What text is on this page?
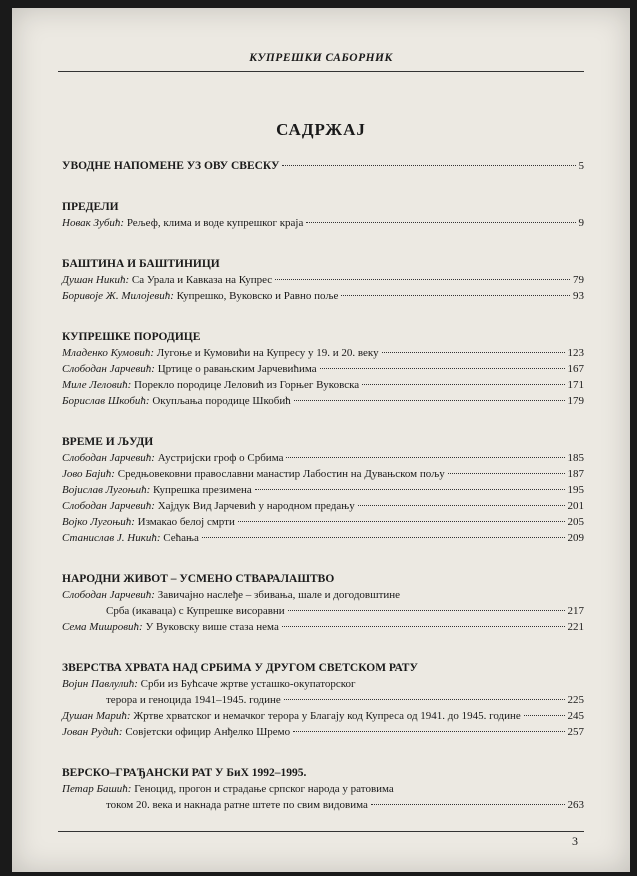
КУПРЕШКИ САБОРНИК
САДРЖАЈ
УВОДНЕ НАПОМЕНЕ УЗ ОВУ СВЕСКУ	5
ПРЕДЕЛИ
Новак Зубић: Рељеф, клима и воде купрешког краја	9
БАШТИНА И БАШТИНИЦИ
Душан Никић: Са Урала и Кавказа на Купрес	79
Боривоје Ж. Милојевић: Купрешко, Вуковско и Равно поље	93
КУПРЕШКЕ ПОРОДИЦЕ
Младенко Кумовић: Лугоње и Кумовићи на Купресу у 19. и 20. веку	123
Слободан Јарчевић: Цртице о равањским Јарчевићима	167
Миле Леловић: Порекло породице Леловић из Горњег Вуковска	171
Борислав Шкобић: Окупљања породице Шкобић	179
ВРЕМЕ И ЉУДИ
Слободан Јарчевић: Аустријски гроф о Србима	185
Јово Бајић: Средњовековни православни манастир Лабостин на Дувањском пољу	187
Војислав Лугоњић: Купрешка презимена	195
Слободан Јарчевић: Хајдук Вид Јарчевић у народном предању	201
Војко Лугоњић: Измакао белој смрти	205
Станислав Ј. Никић: Сећања	209
НАРОДНИ ЖИВОТ – УСМЕНО СТВАРАЛАШТВО
Слободан Јарчевић: Завичајно наслеђе – збивања, шале и догодовштине
Срба (икаваца) с Купрешке висоравни	217
Сема Мишровић: У Вуковску више стаза нема	221
ЗВЕРСТВА ХРВАТА НАД СРБИМА У ДРУГОМ СВЕТСКОМ РАТУ
Војин Павлулић: Срби из Бућсаче жртве усташко-окупаторског
терора и геноцида 1941–1945. године	225
Душан Марић: Жртве хрватског и немачког терора у Благају код Купреса од 1941. до 1945. године	245
Јован Рудић: Совјетски официр Анђелко Шремо	257
ВЕРСКО–ГРАЂАНСКИ РАТ У БиХ 1992–1995.
Петар Башић: Геноцид, прогон и страдање српског народа у ратовима
током 20. века и накнада ратне штете по свим видовима	263
3
